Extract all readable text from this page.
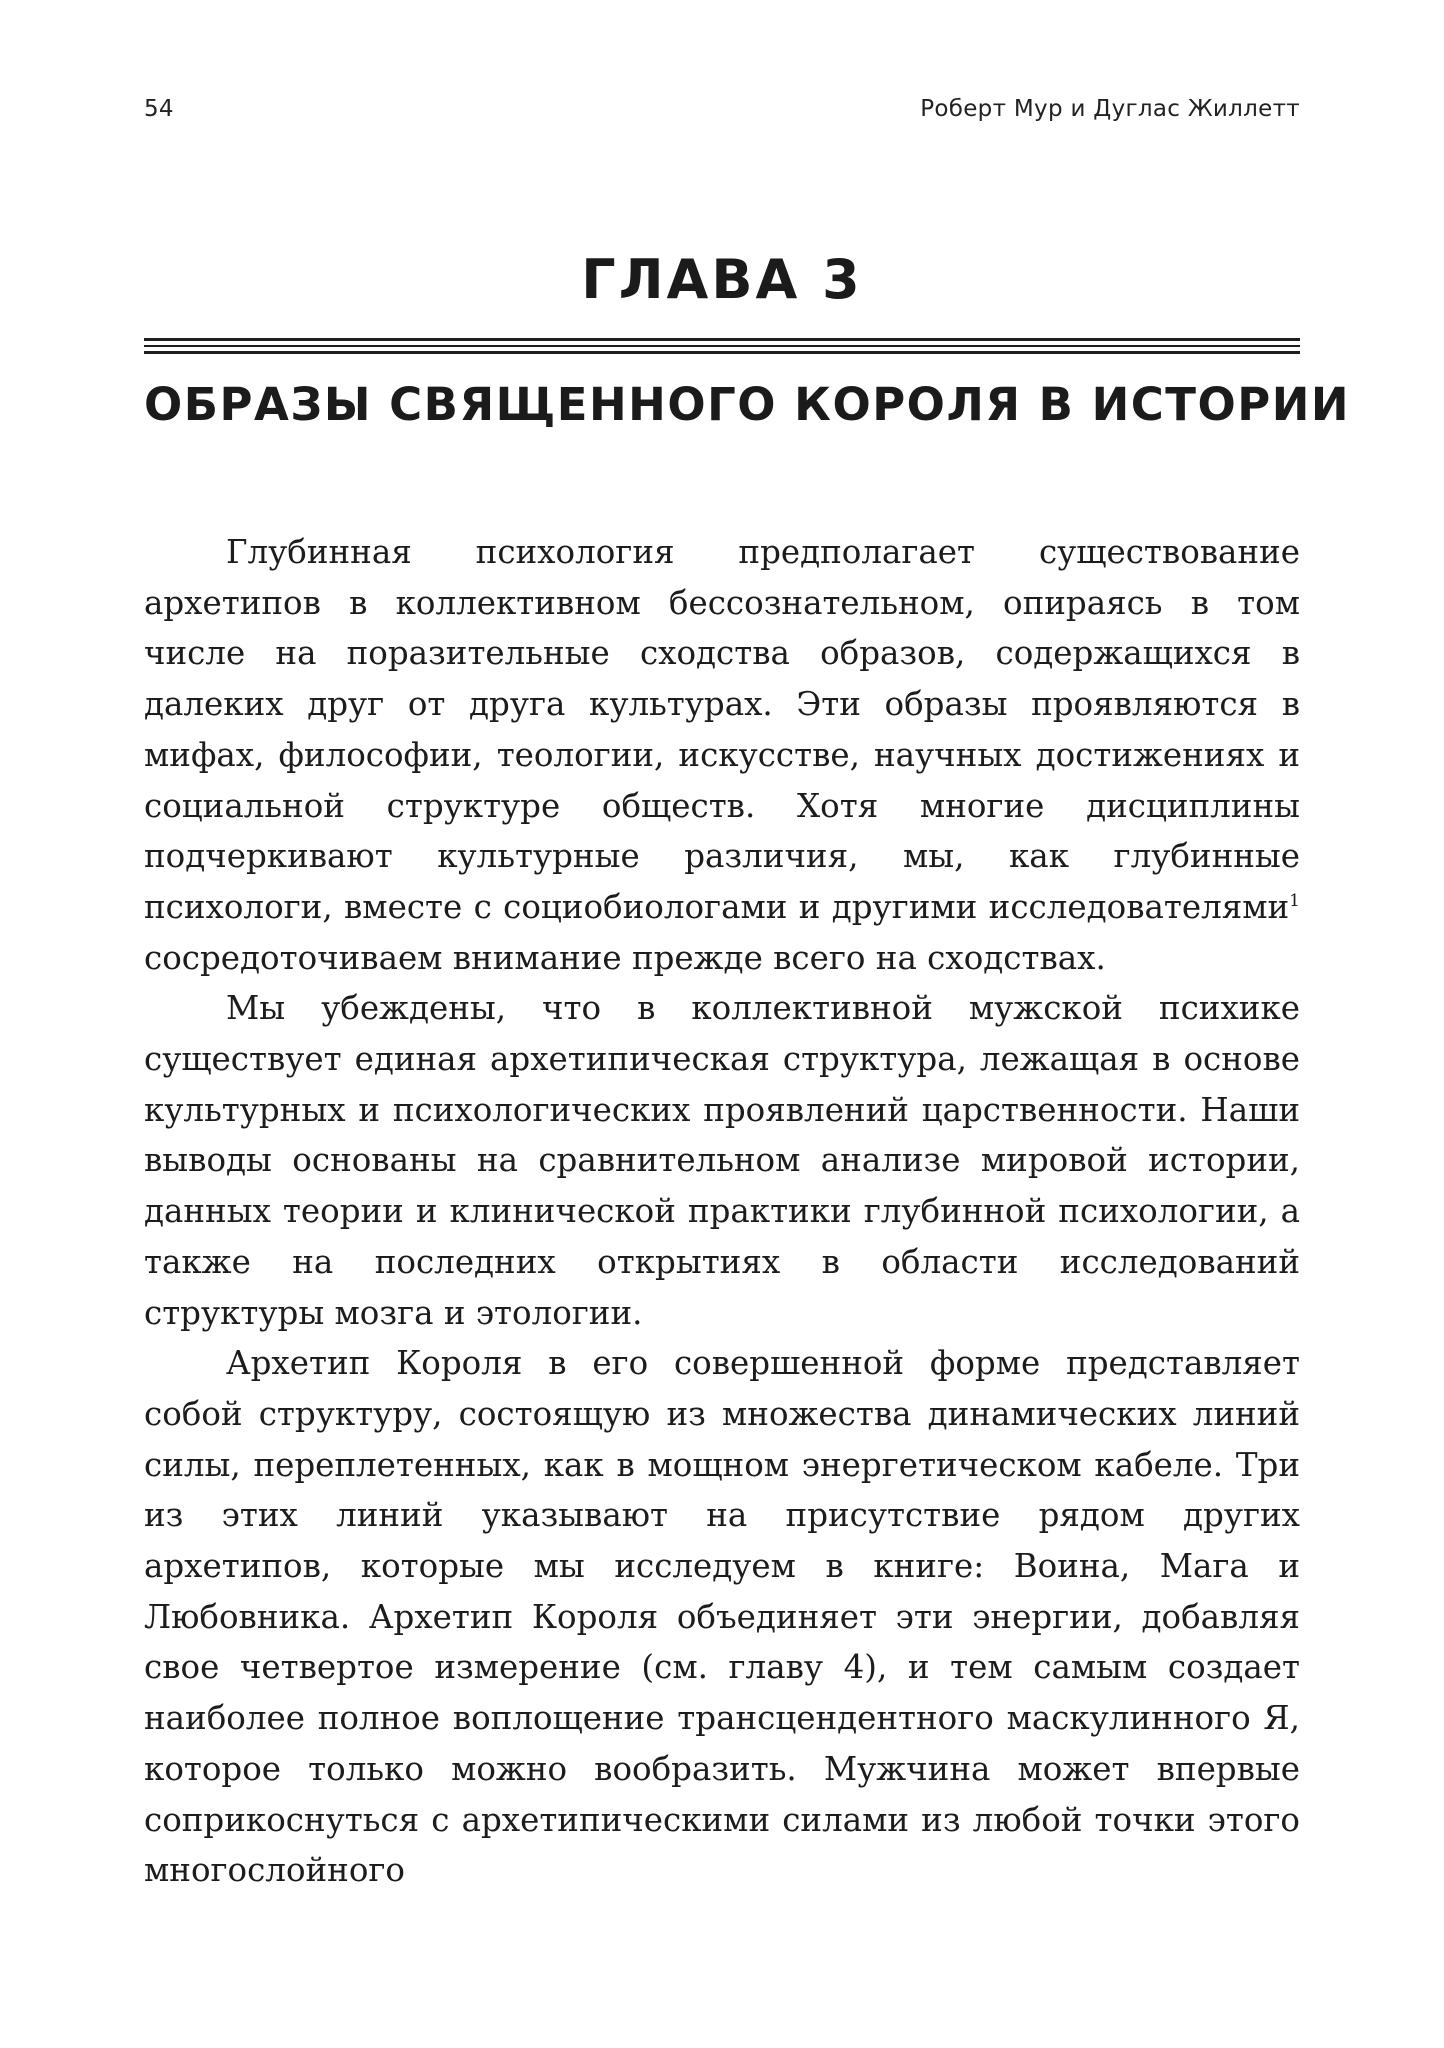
54	Роберт Мур и Дуглас Жиллетт
ГЛАВА 3
ОБРАЗЫ СВЯЩЕННОГО КОРОЛЯ В ИСТОРИИ

Глубинная психология предполагает существование архетипов в коллективном бессознательном, опираясь в том числе на поразительные сходства образов, содержащихся в далеких друг от друга культурах. Эти образы проявляются в мифах, философии, теологии, искусстве, научных достижениях и социальной структуре обществ. Хотя многие дисциплины подчеркивают культурные различия, мы, как глубинные психологи, вместе с социобиологами и другими исследователями$^1$ сосредоточиваем внимание прежде всего на сходствах.

Мы убеждены, что в коллективной мужской психике существует единая архетипическая структура, лежащая в основе культурных и психологических проявлений царственности. Наши выводы основаны на сравнительном анализе мировой истории, данных теории и клинической практики глубинной психологии, а также на последних открытиях в области исследований структуры мозга и этологии.

Архетип Короля в его совершенной форме представляет собой структуру, состоящую из множества динамических линий силы, переплетенных, как в мощном энергетическом кабеле. Три из этих линий указывают на присутствие рядом других архетипов, которые мы исследуем в книге: Воина, Мага и Любовника. Архетип Короля объединяет эти энергии, добавляя свое четвертое измерение (см. главу 4), и тем самым создает наиболее полное воплощение трансцендентного маскулинного Я, которое только можно вообразить. Мужчина может впервые соприкоснуться с архетипическими силами из любой точки этого многослойного
